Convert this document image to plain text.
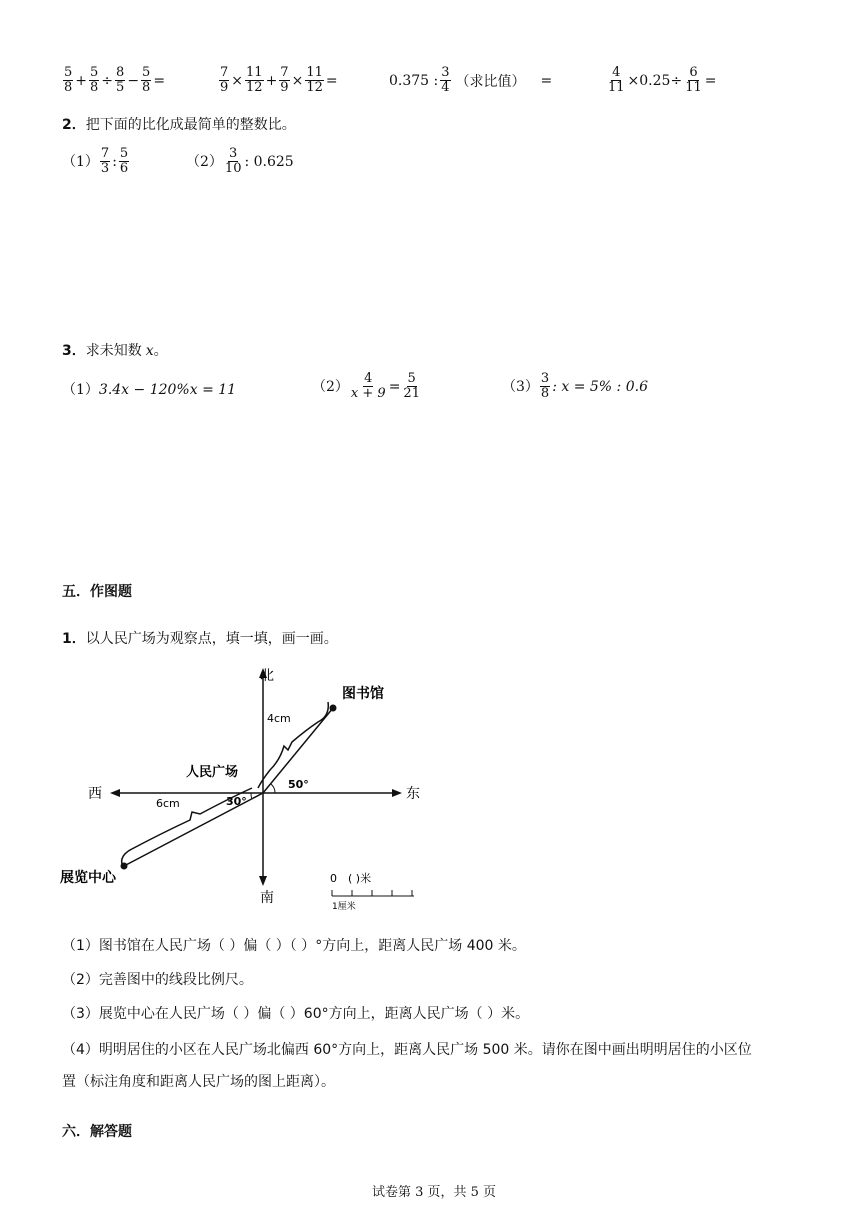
$\frac{5}{8} + \frac{5}{8} \div \frac{8}{5} - \frac{5}{8}$ =	$\frac{7}{9} \times \frac{11}{12} + \frac{7}{9} \times \frac{11}{12}$ =	0.375 : $\frac{3}{4}$ （求比值） =	$\frac{4}{11} \times 0.25\div \frac{6}{11}$ =
2．把下面的比化成最简单的整数比。
$(1) \frac{7}{3}$ : $\frac{5}{6}$	$(2) \frac{3}{10}$ : 0.625
3．求未知数 x。
（1） 3.4x − 120%x = 11	$(2) \frac{4}{x + 9} = \frac{5}{21}$	$(3) \frac{3}{8}$ : x = 5% : 0.6
五．作图题
1．以人民广场为观察点，填一填，画一画。
北
南
东
西
图书馆
4cm
展览中心
6cm
人民广场
50°
30°
0 ( )米
1厘米
（1）图书馆在人民广场（ ）偏（ ）（ ）°方向上，距离人民广场 400 米。
（2）完善图中的线段比例尺。
（3）展览中心在人民广场（ ）偏（ ）60°方向上，距离人民广场（ ）米。
（4）明明居住的小区在人民广场北偏西 60°方向上，距离人民广场 500 米。请你在图中画出明明居住的小区位
置（标注角度和距离人民广场的图上距离）。
六．解答题
试卷第 3 页，共 5 页
